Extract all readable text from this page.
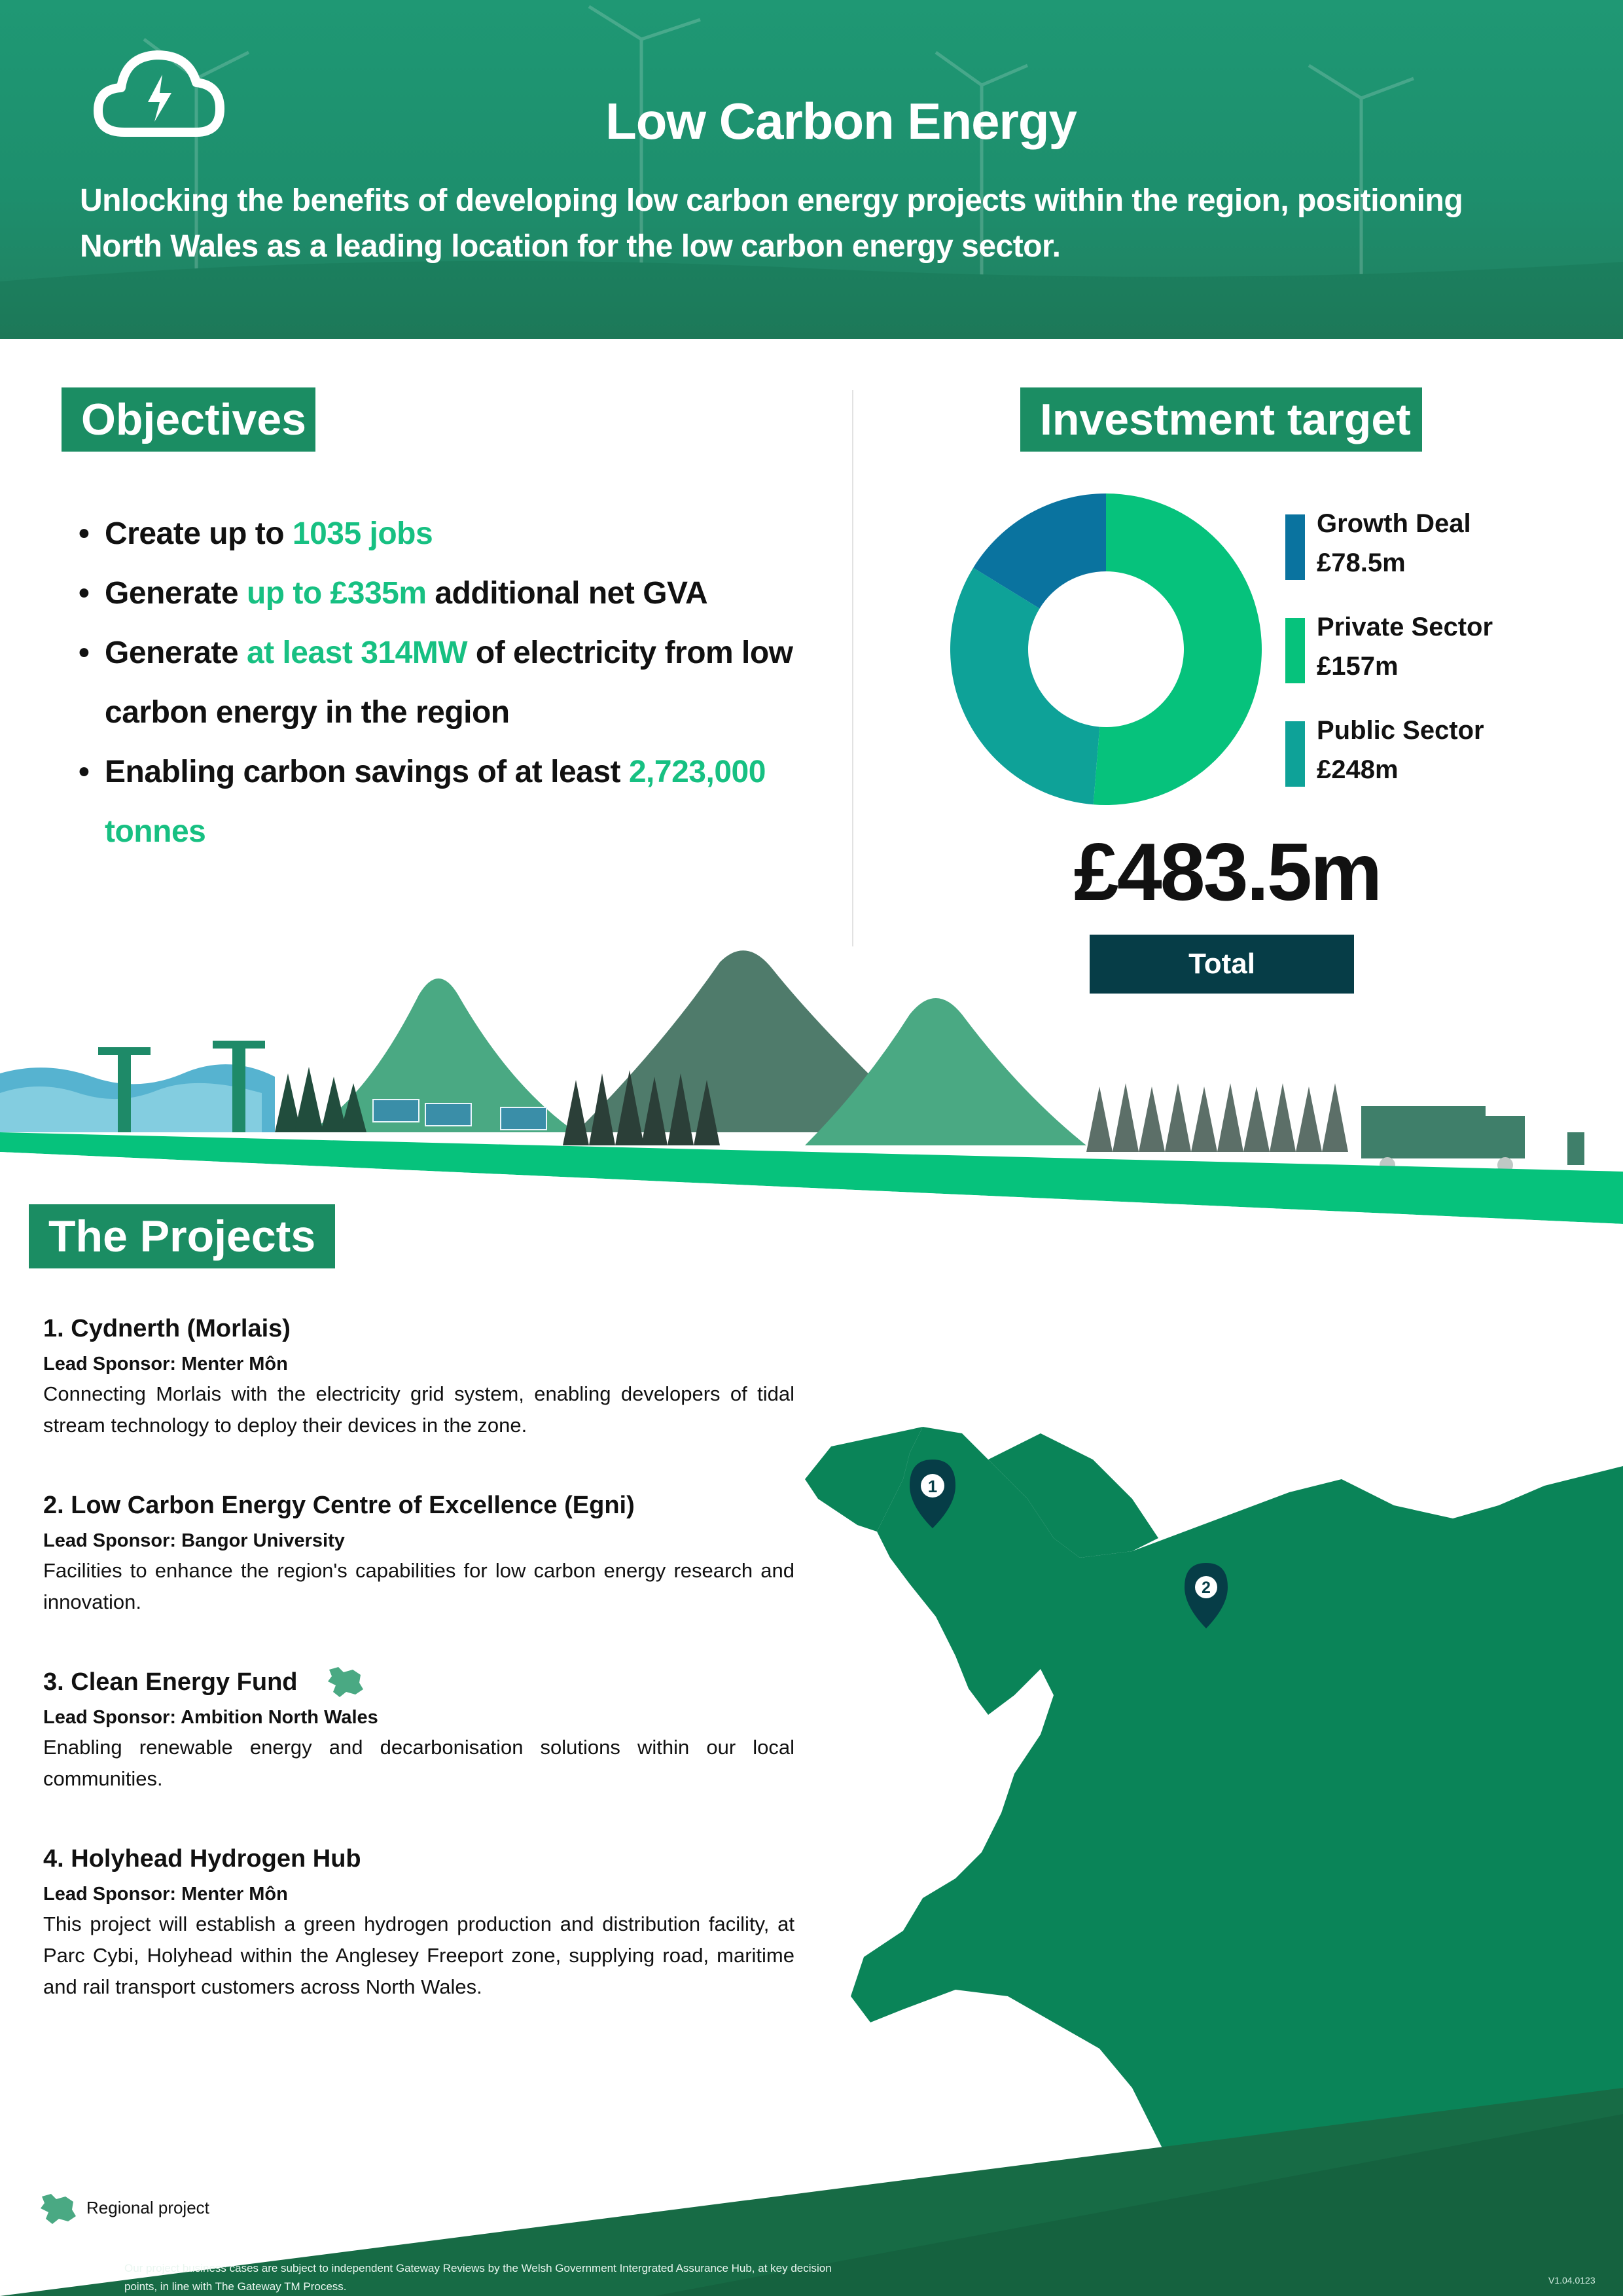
Low Carbon Energy

Unlocking the benefits of developing low carbon energy projects within the region, positioning North Wales as a leading location for the low carbon energy sector.

Objectives
• Create up to 1035 jobs
• Generate up to £335m additional net GVA
• Generate at least 314MW of electricity from low carbon energy in the region
• Enabling carbon savings of at least 2,723,000 tonnes
Investment target
Growth Deal
£78.5m
Private Sector
£157m
Public Sector
£248m
£483.5m
Total
The Projects

1. Cydnerth (Morlais)

Lead Sponsor: Menter Môn

Connecting Morlais with the electricity grid system, enabling developers of tidal stream technology to deploy their devices in the zone.

2. Low Carbon Energy Centre of Excellence (Egni)

Lead Sponsor: Bangor University

Facilities to enhance the region's capabilities for low carbon energy research and innovation.

3. Clean Energy Fund

Lead Sponsor: Ambition North Wales

Enabling renewable energy and decarbonisation solutions within our local communities.

4. Holyhead Hydrogen Hub

Lead Sponsor: Menter Môn

This project will establish a green hydrogen production and distribution facility, at Parc Cybi, Holyhead within the Anglesey Freeport zone, supplying road, maritime and rail transport customers across North Wales.

1
2
Regional project
Our project business cases are subject to independent Gateway Reviews by the Welsh Government Intergrated Assurance Hub, at key decision points, in line with The Gateway TM Process.	V1.04.0123
